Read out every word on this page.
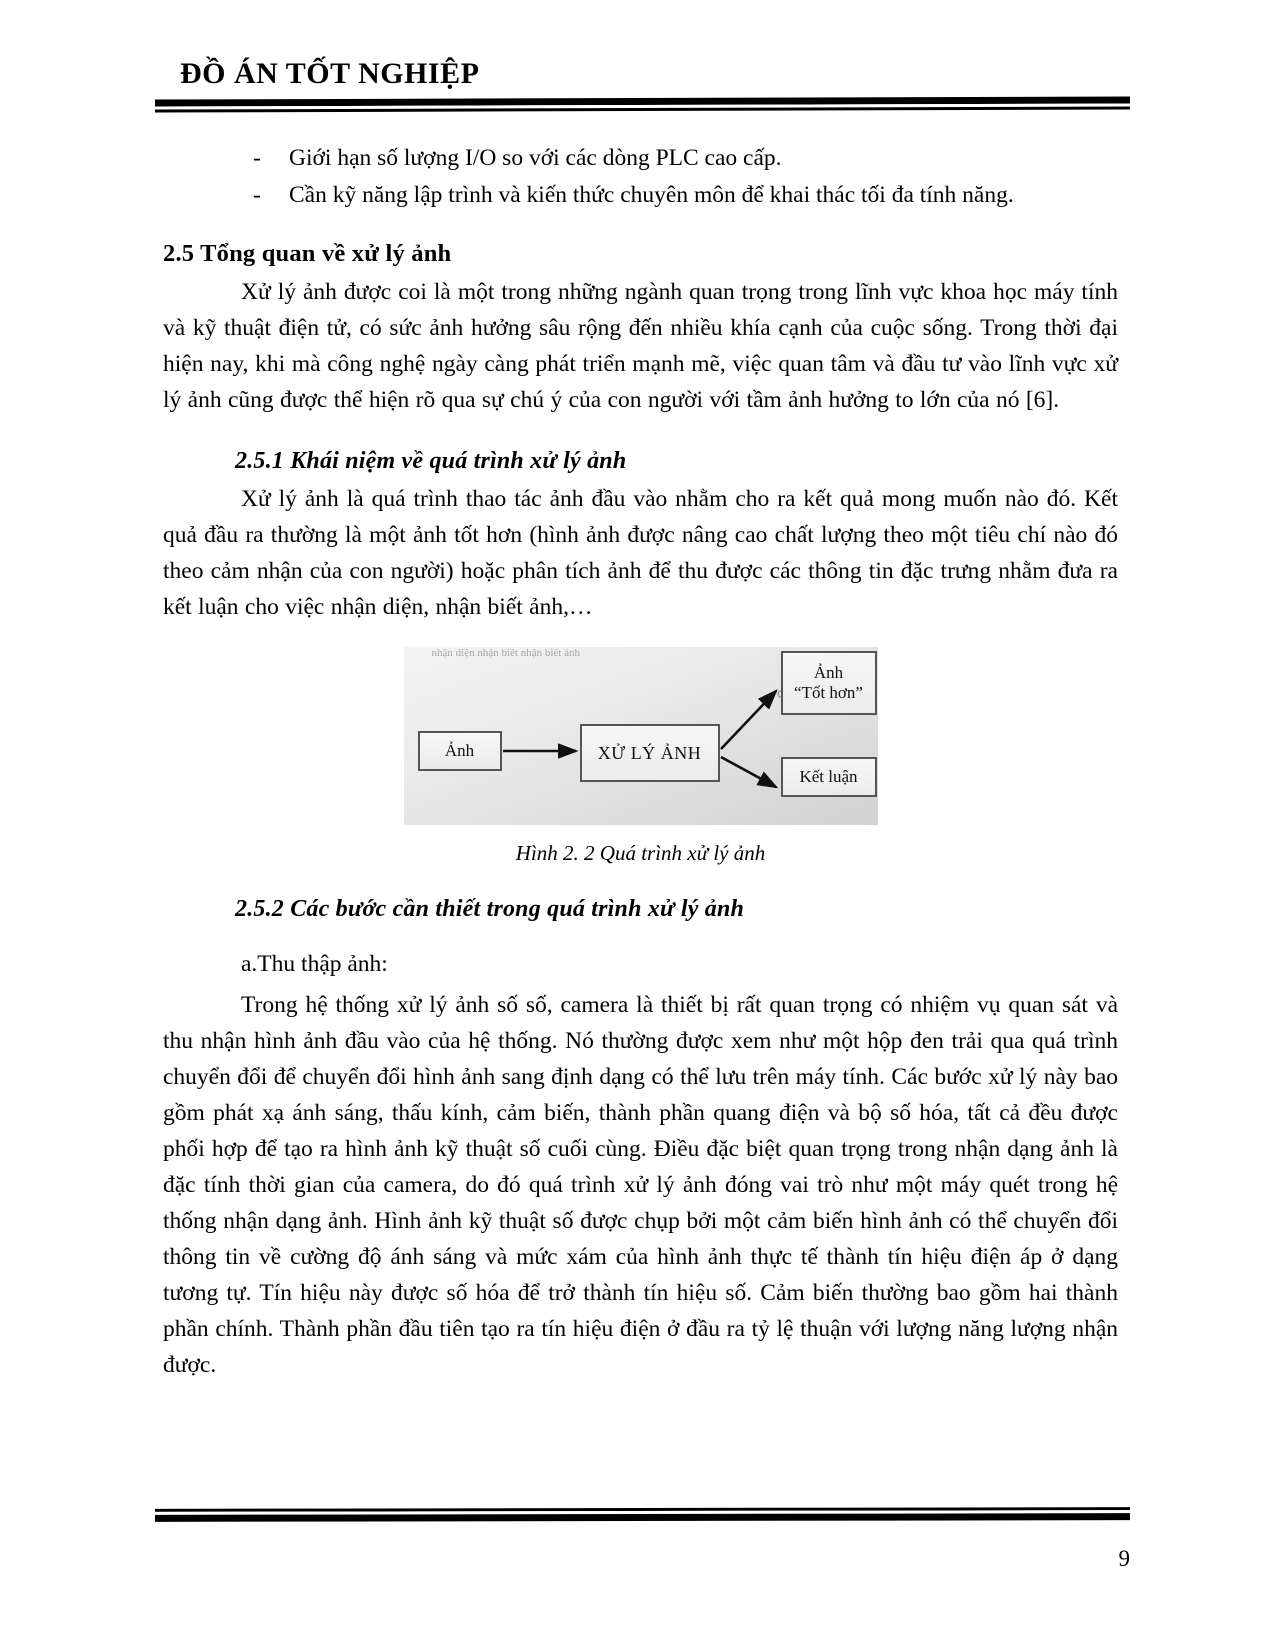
ĐỒ ÁN TỐT NGHIỆP
-	Giới hạn số lượng I/O so với các dòng PLC cao cấp.
-	Cần kỹ năng lập trình và kiến thức chuyên môn để khai thác tối đa tính năng.
2.5 Tổng quan về xử lý ảnh

Xử lý ảnh được coi là một trong những ngành quan trọng trong lĩnh vực khoa học máy tính và kỹ thuật điện tử, có sức ảnh hưởng sâu rộng đến nhiều khía cạnh của cuộc sống. Trong thời đại hiện nay, khi mà công nghệ ngày càng phát triển mạnh mẽ, việc quan tâm và đầu tư vào lĩnh vực xử lý ảnh cũng được thể hiện rõ qua sự chú ý của con người với tầm ảnh hưởng to lớn của nó [6].

2.5.1 Khái niệm về quá trình xử lý ảnh

Xử lý ảnh là quá trình thao tác ảnh đầu vào nhằm cho ra kết quả mong muốn nào đó. Kết quả đầu ra thường là một ảnh tốt hơn (hình ảnh được nâng cao chất lượng theo một tiêu chí nào đó theo cảm nhận của con người) hoặc phân tích ảnh để thu được các thông tin đặc trưng nhằm đưa ra kết luận cho việc nhận diện, nhận biết ảnh,…

nhận diện nhận biết nhận biết ảnh
Ảnh	XỬ LÝ ẢNH
Ảnh
“Tốt hơn”
Kết luận
Hình 2. 2 Quá trình xử lý ảnh
2.5.2 Các bước cần thiết trong quá trình xử lý ảnh
a.Thu thập ảnh:

Trong hệ thống xử lý ảnh số số, camera là thiết bị rất quan trọng có nhiệm vụ quan sát và thu nhận hình ảnh đầu vào của hệ thống. Nó thường được xem như một hộp đen trải qua quá trình chuyển đổi để chuyển đổi hình ảnh sang định dạng có thể lưu trên máy tính. Các bước xử lý này bao gồm phát xạ ánh sáng, thấu kính, cảm biến, thành phần quang điện và bộ số hóa, tất cả đều được phối hợp để tạo ra hình ảnh kỹ thuật số cuối cùng. Điều đặc biệt quan trọng trong nhận dạng ảnh là đặc tính thời gian của camera, do đó quá trình xử lý ảnh đóng vai trò như một máy quét trong hệ thống nhận dạng ảnh. Hình ảnh kỹ thuật số được chụp bởi một cảm biến hình ảnh có thể chuyển đổi thông tin về cường độ ánh sáng và mức xám của hình ảnh thực tế thành tín hiệu điện áp ở dạng tương tự. Tín hiệu này được số hóa để trở thành tín hiệu số. Cảm biến thường bao gồm hai thành phần chính. Thành phần đầu tiên tạo ra tín hiệu điện ở đầu ra tỷ lệ thuận với lượng năng lượng nhận được.

9
